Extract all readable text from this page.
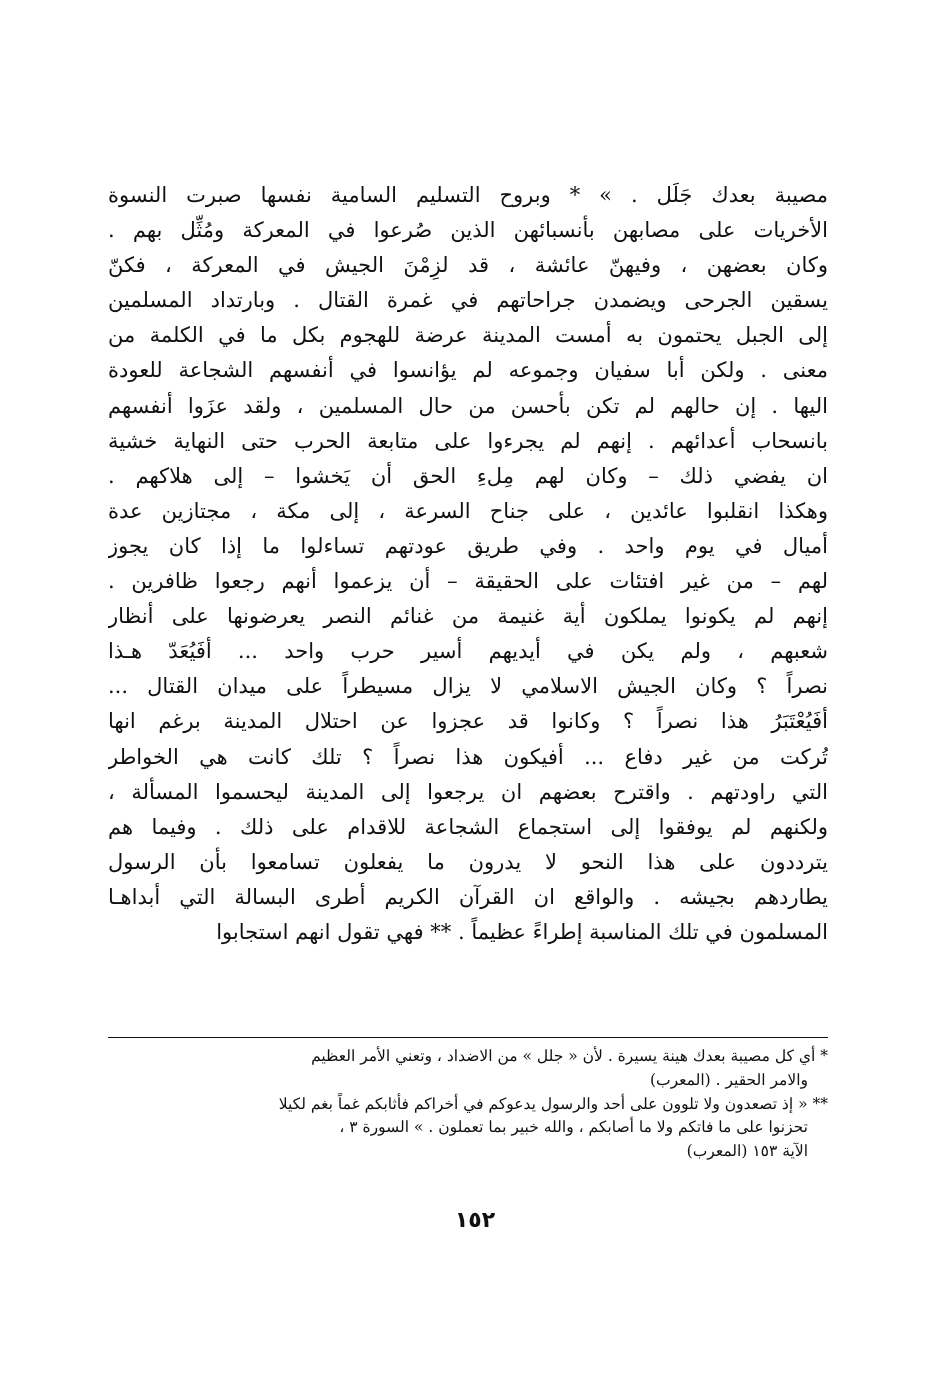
مصيبة بعدك جَلَل . » * وبروح التسليم السامية نفسها صبرت النسوة
الأخريات على مصابهن بأنسبائهن الذين صُرعوا في المعركة ومُثِّل بهم .
وكان بعضهن ، وفيهنّ عائشة ، قد لزِمْنَ الجيش في المعركة ، فكنّ
يسقين الجرحى ويضمدن جراحاتهم في غمرة القتال . وبارتداد المسلمين
إلى الجبل يحتمون به أمست المدينة عرضة للهجوم بكل ما في الكلمة من
معنى . ولكن أبا سفيان وجموعه لم يؤانسوا في أنفسهم الشجاعة للعودة
اليها . إن حالهم لم تكن بأحسن من حال المسلمين ، ولقد عزَوا أنفسهم
بانسحاب أعدائهم . إنهم لم يجرءوا على متابعة الحرب حتى النهاية خشية
ان يفضي ذلك – وكان لهم مِلءِ الحق أن يَخشوا – إلى هلاكهم .
وهكذا انقلبوا عائدين ، على جناح السرعة ، إلى مكة ، مجتازين عدة
أميال في يوم واحد . وفي طريق عودتهم تساءلوا ما إذا كان يجوز
لهم – من غير افتئات على الحقيقة – أن يزعموا أنهم رجعوا ظافرين .
إنهم لم يكونوا يملكون أية غنيمة من غنائم النصر يعرضونها على أنظار
شعبهم ، ولم يكن في أيديهم أسير حرب واحد ... أفَيُعَدّ هـذا
نصراً ؟ وكان الجيش الاسلامي لا يزال مسيطراً على ميدان القتال ...
أفَيُعْتَبَرُ هذا نصراً ؟ وكانوا قد عجزوا عن احتلال المدينة برغم انها
تُركت من غير دفاع ... أفيكون هذا نصراً ؟ تلك كانت هي الخواطر
التي راودتهم . واقترح بعضهم ان يرجعوا إلى المدينة ليحسموا المسألة ،
ولكنهم لم يوفقوا إلى استجماع الشجاعة للاقدام على ذلك . وفيما هم
يترددون على هذا النحو لا يدرون ما يفعلون تسامعوا بأن الرسول
يطاردهم بجيشه . والواقع ان القرآن الكريم أطرى البسالة التي أبداهـا
المسلمون في تلك المناسبة إطراءً عظيماً . ** فهي تقول انهم استجابوا
* أي كل مصيبة بعدك هينة يسيرة . لأن « جلل » من الاضداد ، وتعني الأمر العظيم
والامر الحقير . (المعرب)
** « إذ تصعدون ولا تلوون على أحد والرسول يدعوكم في أخراكم فأثابكم غماً بغم لكيلا
تحزنوا على ما فاتكم ولا ما أصابكم ، والله خبير بما تعملون . » السورة ٣ ،
الآية ١٥٣ (المعرب)
١٥٢
